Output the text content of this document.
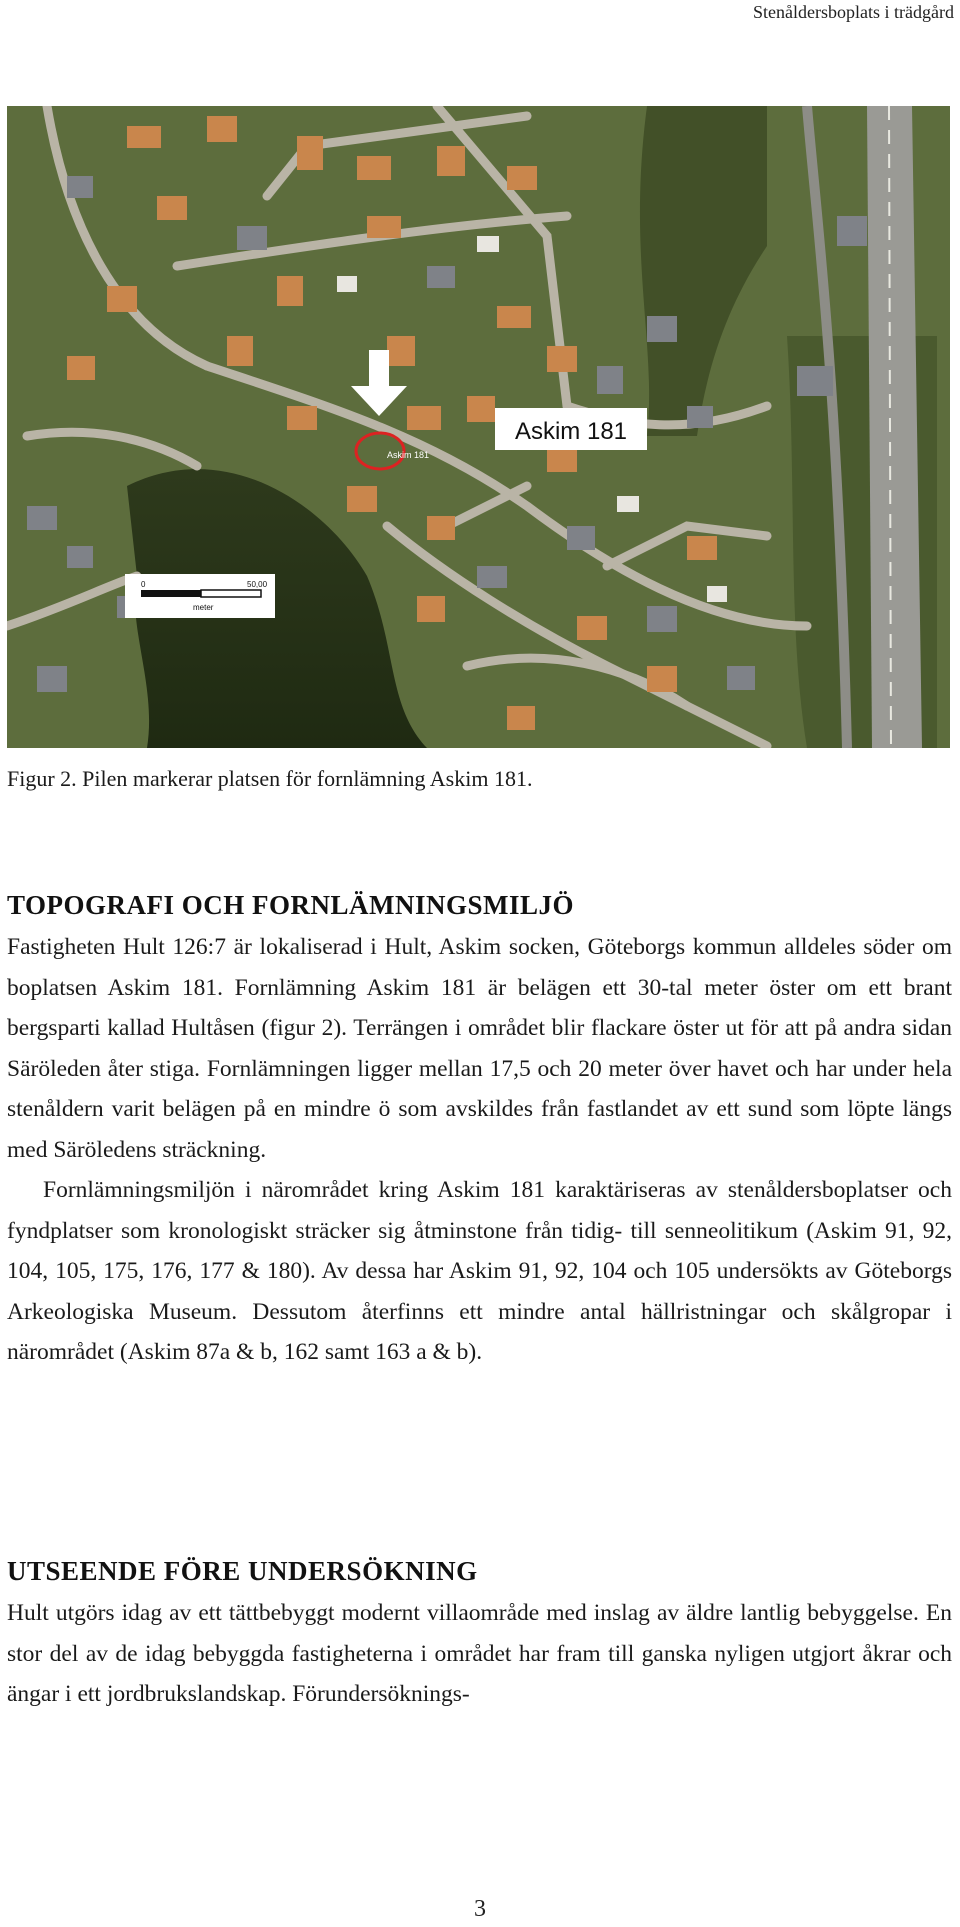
Stenåldersboplats i trädgård
Askim 181
Askim 181
0	50,00
meter
Figur 2. Pilen markerar platsen för fornlämning Askim 181.
TOPOGRAFI OCH FORNLÄMNINGSMILJÖ

Fastigheten Hult 126:7 är lokaliserad i Hult, Askim socken, Göteborgs kommun alldeles söder om boplatsen Askim 181. Fornlämning Askim 181 är belägen ett 30-tal meter öster om ett brant bergsparti kallad Hultåsen (figur 2). Terrängen i området blir flackare öster ut för att på andra sidan Säröleden åter stiga. Fornlämningen ligger mellan 17,5 och 20 meter över havet och har under hela stenåldern varit belägen på en mindre ö som avskildes från fastlandet av ett sund som löpte längs med Säröledens sträckning.

Fornlämningsmiljön i närområdet kring Askim 181 karaktäriseras av stenåldersboplatser och fyndplatser som kronologiskt sträcker sig åtminstone från tidig- till senneolitikum (Askim 91, 92, 104, 105, 175, 176, 177 & 180). Av dessa har Askim 91, 92, 104 och 105 undersökts av Göteborgs Arkeologiska Museum. Dessutom återfinns ett mindre antal hällristningar och skålgropar i närområdet (Askim 87a & b, 162 samt 163 a & b).

UTSEENDE FÖRE UNDERSÖKNING

Hult utgörs idag av ett tättbebyggt modernt villaområde med inslag av äldre lantlig bebyggelse. En stor del av de idag bebyggda fastigheterna i området har fram till ganska nyligen utgjort åkrar och ängar i ett jordbrukslandskap. Förundersöknings-

3
